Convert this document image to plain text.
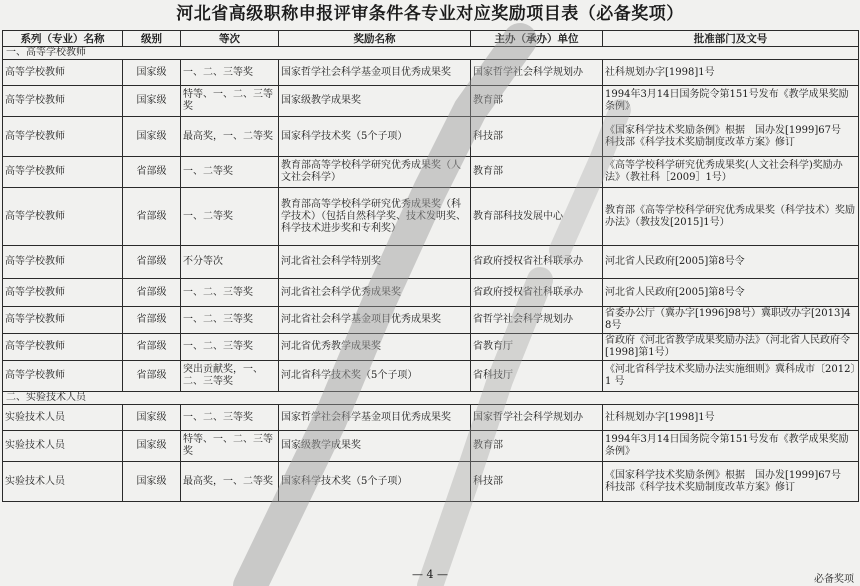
河北省高级职称申报评审条件各专业对应奖励项目表（必备奖项）
系列（专业）名称	级别	等次	奖励名称	主办（承办）单位	批准部门及文号
一、高等学校教师					
高等学校教师	国家级	一、二、三等奖	国家哲学社会科学基金项目优秀成果奖	国家哲学社会科学规划办	社科规划办字[1998]1号
高等学校教师	国家级	特等、一、二、三等奖	国家级教学成果奖	教育部	1994年3月14日国务院令第151号发布《教学成果奖励条例》
高等学校教师	国家级	最高奖，一、二等奖	国家科学技术奖（5个子项）	科技部	《国家科学技术奖励条例》根据　国办发[1999]67号　科技部《科学技术奖励制度改革方案》修订
高等学校教师	省部级	一、二等奖	教育部高等学校科学研究优秀成果奖（人文社会科学）	教育部	《高等学校科学研究优秀成果奖(人文社会科学)奖励办法》（教社科［2009］1号）
高等学校教师	省部级	一、二等奖	教育部高等学校科学研究优秀成果奖（科学技术）（包括自然科学奖、技术发明奖、科学技术进步奖和专利奖）	教育部科技发展中心	教育部《高等学校科学研究优秀成果奖（科学技术）奖励办法》（教技发[2015]1号）
高等学校教师	省部级	不分等次	河北省社会科学特别奖	省政府授权省社科联承办	河北省人民政府[2005]第8号令
高等学校教师	省部级	一、二、三等奖	河北省社会科学优秀成果奖	省政府授权省社科联承办	河北省人民政府[2005]第8号令
高等学校教师	省部级	一、二、三等奖	河北省社会科学基金项目优秀成果奖	省哲学社会科学规划办	省委办公厅（冀办字[1996]98号）冀职改办字[2013]48号
高等学校教师	省部级	一、二、三等奖	河北省优秀教学成果奖	省教育厅	省政府《河北省教学成果奖励办法》（河北省人民政府令[1998]第1号）
高等学校教师	省部级	突出贡献奖，一、二、三等奖	河北省科学技术奖（5个子项）	省科技厅	《河北省科学技术奖励办法实施细则》冀科成市〔2012〕1 号
二、实验技术人员					
实验技术人员	国家级	一、二、三等奖	国家哲学社会科学基金项目优秀成果奖	国家哲学社会科学规划办	社科规划办字[1998]1号
实验技术人员	国家级	特等、一、二、三等奖	国家级教学成果奖	教育部	1994年3月14日国务院令第151号发布《教学成果奖励条例》
实验技术人员	国家级	最高奖，一、二等奖	国家科学技术奖（5个子项）	科技部	《国家科学技术奖励条例》根据　国办发[1999]67号　科技部《科学技术奖励制度改革方案》修订
— 4 —	必备奖项
